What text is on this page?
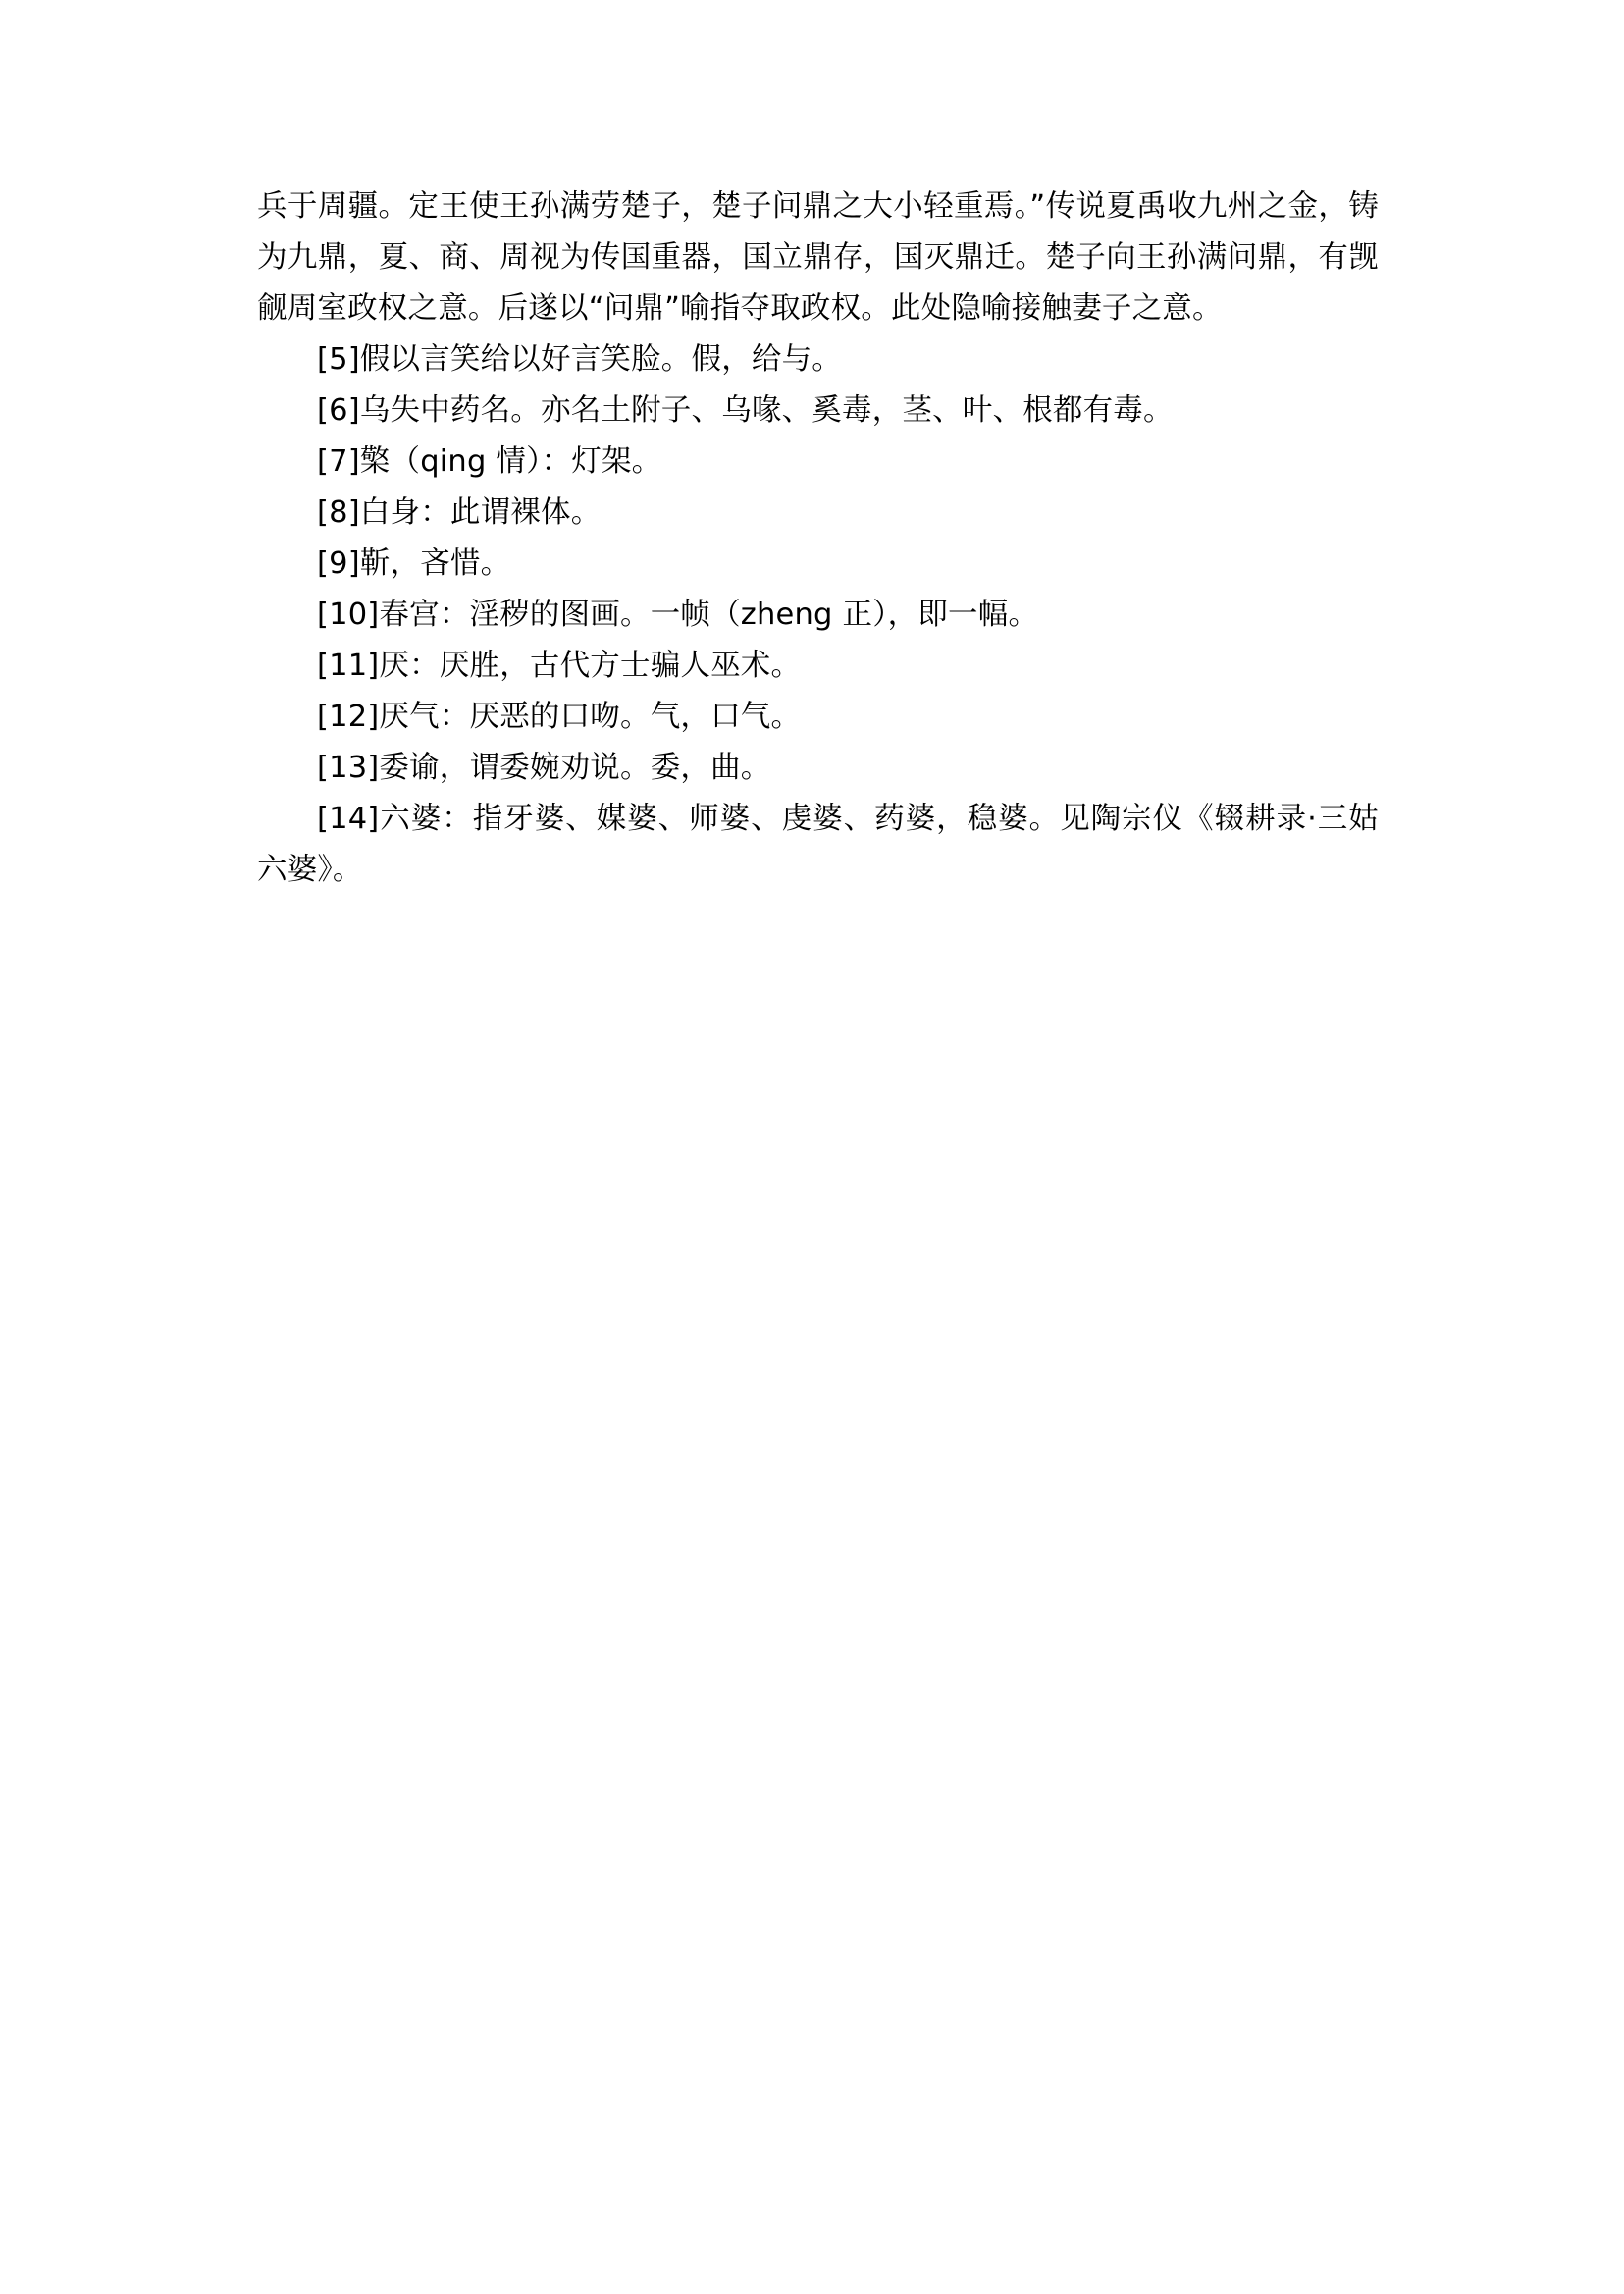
兵于周疆。定王使王孙满劳楚子，楚子问鼎之大小轻重焉。”传说夏禹收九州之金，铸为九鼎，夏、商、周视为传国重器，国立鼎存，国灭鼎迁。楚子向王孙满问鼎，有觊觎周室政权之意。后遂以“问鼎”喻指夺取政权。此处隐喻接触妻子之意。

[5]假以言笑给以好言笑脸。假，给与。

[6]乌失中药名。亦名土附子、乌喙、奚毒，茎、叶、根都有毒。

[7]檠（qing 情）：灯架。

[8]白身：此谓裸体。

[9]靳，吝惜。

[10]春宫：淫秽的图画。一帧（zheng 正），即一幅。

[11]厌：厌胜，古代方士骗人巫术。

[12]厌气：厌恶的口吻。气，口气。

[13]委谕，谓委婉劝说。委，曲。

[14]六婆：指牙婆、媒婆、师婆、虔婆、药婆，稳婆。见陶宗仪《辍耕录·三姑六婆》。
